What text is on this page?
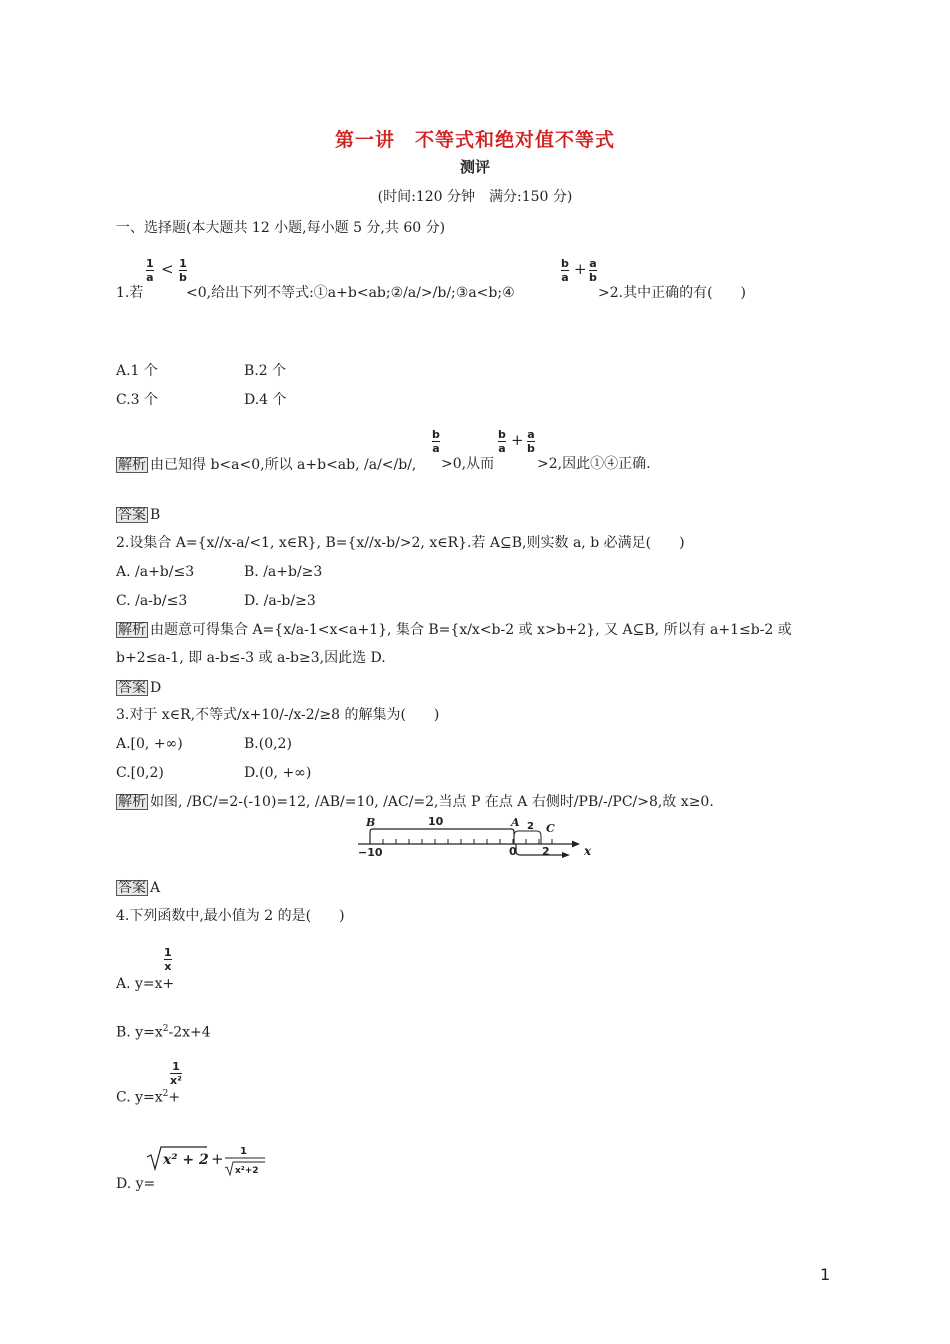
第一讲　不等式和绝对值不等式
测评
(时间:120 分钟　满分:150 分)
一、选择题(本大题共 12 小题,每小题 5 分,共 60 分)
1.若
1
a < 1
b
<0,给出下列不等式:①a+b<ab;②/a/>/b/;③a<b;④
b
a + a
b
>2.其中正确的有(　　)
A.1 个	B.2 个
C.3 个	D.4 个
解析 由已知得 b<a<0,所以 a+b<ab, /a/</b/,
b
a
>0,从而
b
a + a
b
>2,因此①④正确.
答案 B
2.设集合 A={x//x-a/<1, x∈R}, B={x//x-b/>2, x∈R}.若 A⊆B,则实数 a, b 必满足(　　)
A. /a+b/≤3	B. /a+b/≥3
C. /a-b/≤3	D. /a-b/≥3
解析 由题意可得集合 A={x/a-1<x<a+1}, 集合 B={x/x<b-2 或 x>b+2}, 又 A⊆B, 所以有 a+1≤b-2 或
b+2≤a-1, 即 a-b≤-3 或 a-b≥3,因此选 D.
答案 D
3.对于 x∈R,不等式/x+10/-/x-2/≥8 的解集为(　　)
A.[0, +∞)	B.(0,2)
C.[0,2)	D.(0, +∞)
解析 如图, /BC/=2-(-10)=12, /AB/=10, /AC/=2,当点 P 在点 A 右侧时/PB/-/PC/>8,故 x≥0.
B	10	A 2 C
−10	0 2	x
答案 A
4.下列函数中,最小值为 2 的是(　　)
1
x
A. y=x+
B. $y=x^2-2x+4$
1
x²
C. $y=x^2+$
x² + 2 + 1
x²+2
D. y=
1
